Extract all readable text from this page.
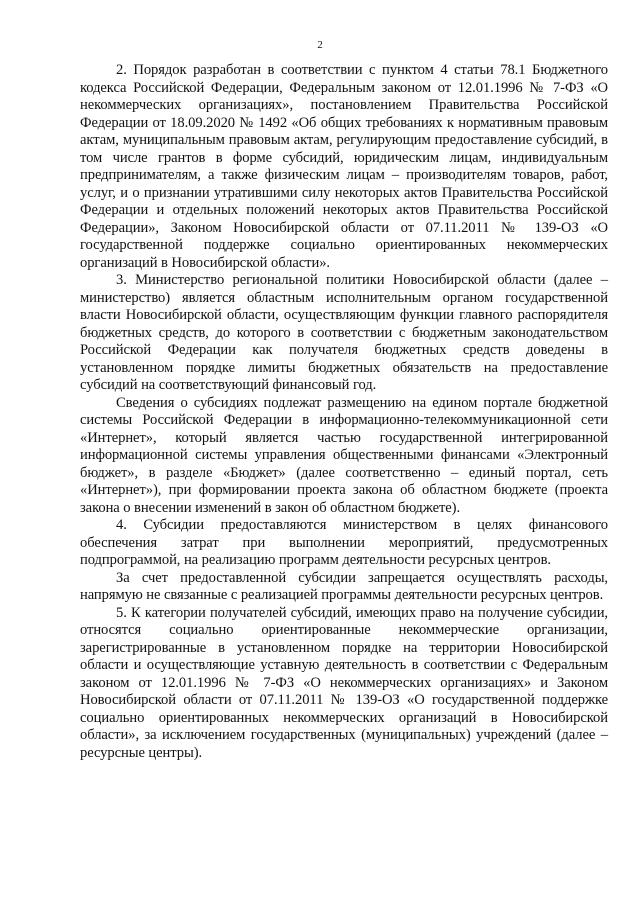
2

2. Порядок разработан в соответствии с пунктом 4 статьи 78.1 Бюджетного кодекса Российской Федерации, Федеральным законом от 12.01.1996 № 7-ФЗ «О некоммерческих организациях», постановлением Правительства Российской Федерации от 18.09.2020 № 1492 «Об общих требованиях к нормативным правовым актам, муниципальным правовым актам, регулирующим предоставление субсидий, в том числе грантов в форме субсидий, юридическим лицам, индивидуальным предпринимателям, а также физическим лицам – производителям товаров, работ, услуг, и о признании утратившими силу некоторых актов Правительства Российской Федерации и отдельных положений некоторых актов Правительства Российской Федерации», Законом Новосибирской области от 07.11.2011 № 139-ОЗ «О государственной поддержке социально ориентированных некоммерческих организаций в Новосибирской области».

3. Министерство региональной политики Новосибирской области (далее – министерство) является областным исполнительным органом государственной власти Новосибирской области, осуществляющим функции главного распорядителя бюджетных средств, до которого в соответствии с бюджетным законодательством Российской Федерации как получателя бюджетных средств доведены в установленном порядке лимиты бюджетных обязательств на предоставление субсидий на соответствующий финансовый год.

Сведения о субсидиях подлежат размещению на едином портале бюджетной системы Российской Федерации в информационно-телекоммуникационной сети «Интернет», который является частью государственной интегрированной информационной системы управления общественными финансами «Электронный бюджет», в разделе «Бюджет» (далее соответственно – единый портал, сеть «Интернет»), при формировании проекта закона об областном бюджете (проекта закона о внесении изменений в закон об областном бюджете).

4. Субсидии предоставляются министерством в целях финансового обеспечения затрат при выполнении мероприятий, предусмотренных подпрограммой, на реализацию программ деятельности ресурсных центров.

За счет предоставленной субсидии запрещается осуществлять расходы, напрямую не связанные с реализацией программы деятельности ресурсных центров.

5. К категории получателей субсидий, имеющих право на получение субсидии, относятся социально ориентированные некоммерческие организации, зарегистрированные в установленном порядке на территории Новосибирской области и осуществляющие уставную деятельность в соответствии с Федеральным законом от 12.01.1996 № 7-ФЗ «О некоммерческих организациях» и Законом Новосибирской области от 07.11.2011 № 139-ОЗ «О государственной поддержке социально ориентированных некоммерческих организаций в Новосибирской области», за исключением государственных (муниципальных) учреждений (далее – ресурсные центры).
